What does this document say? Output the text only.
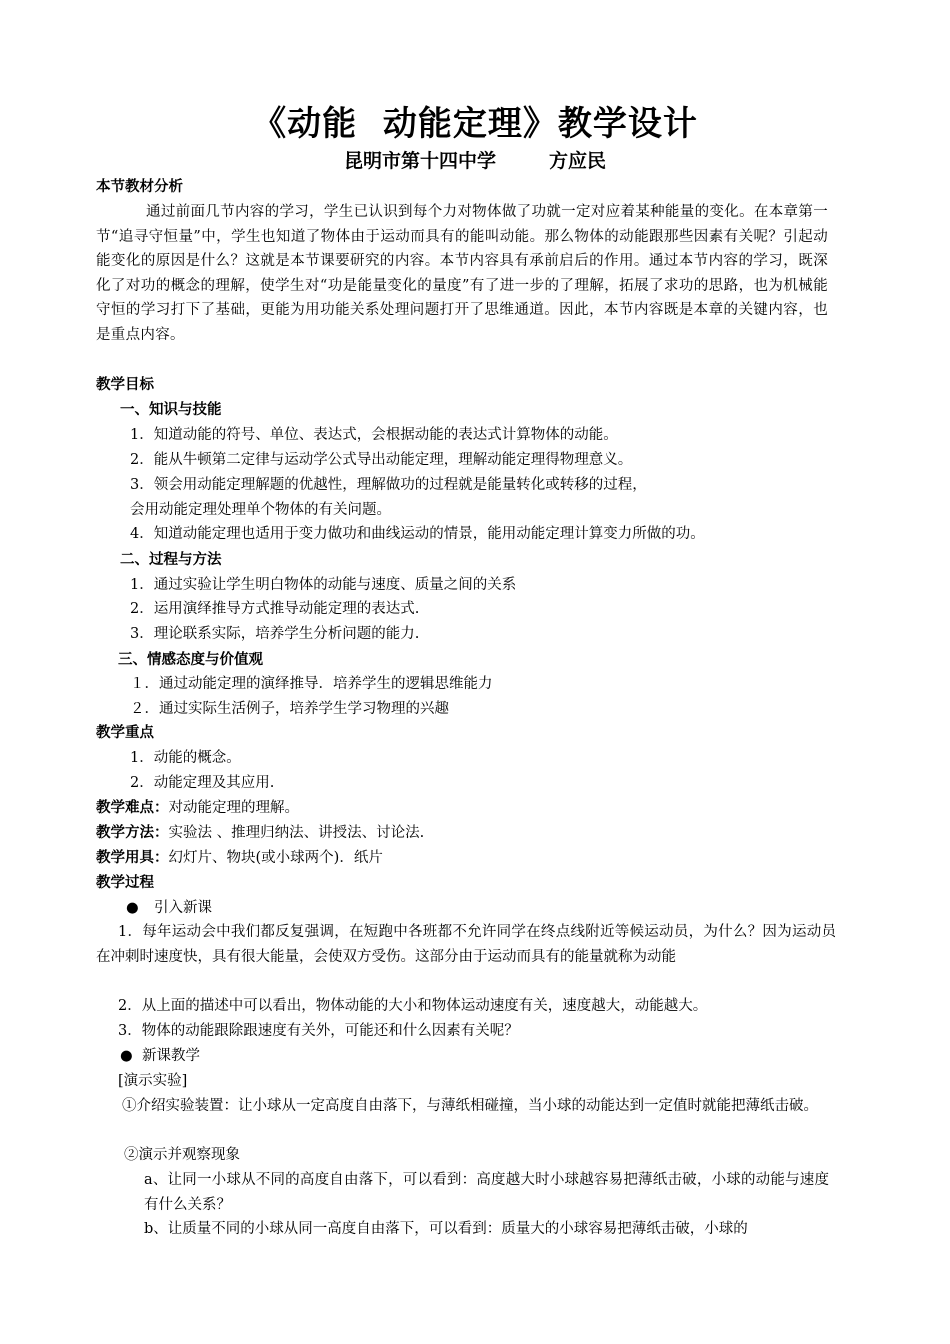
《动能  动能定理》教学设计
昆明市第十四中学        方应民
本节教材分析
通过前面几节内容的学习，学生已认识到每个力对物体做了功就一定对应着某种能量的变化。在本章第一节“追寻守恒量”中，学生也知道了物体由于运动而具有的能叫动能。那么物体的动能跟那些因素有关呢？引起动能变化的原因是什么？这就是本节课要研究的内容。本节内容具有承前启后的作用。通过本节内容的学习，既深化了对功的概念的理解，使学生对“功是能量变化的量度”有了进一步的了理解，拓展了求功的思路，也为机械能守恒的学习打下了基础，更能为用功能关系处理问题打开了思维通道。因此，本节内容既是本章的关键内容，也是重点内容。
教学目标
一、知识与技能
1．知道动能的符号、单位、表达式，会根据动能的表达式计算物体的动能。
2．能从牛顿第二定律与运动学公式导出动能定理，理解动能定理得物理意义。
3．领会用动能定理解题的优越性，理解做功的过程就是能量转化或转移的过程，
会用动能定理处理单个物体的有关问题。
4．知道动能定理也适用于变力做功和曲线运动的情景，能用动能定理计算变力所做的功。
二、过程与方法
1．通过实验让学生明白物体的动能与速度、质量之间的关系
2．运用演绎推导方式推导动能定理的表达式.
3．理论联系实际，培养学生分析问题的能力.
三、情感态度与价值观
１．通过动能定理的演绎推导．培养学生的逻辑思维能力
２．通过实际生活例子，培养学生学习物理的兴趣
教学重点
1．动能的概念。
2．动能定理及其应用.
教学难点：对动能定理的理解。
教学方法：实验法 、推理归纳法、讲授法、讨论法.
教学用具：幻灯片、物块(或小球两个)．纸片
教学过程
● 引入新课
1．每年运动会中我们都反复强调，在短跑中各班都不允许同学在终点线附近等候运动员，为什么？因为运动员在冲刺时速度快，具有很大能量，会使双方受伤。这部分由于运动而具有的能量就称为动能
2．从上面的描述中可以看出，物体动能的大小和物体运动速度有关，速度越大，动能越大。
3．物体的动能跟除跟速度有关外，可能还和什么因素有关呢？
● 新课教学
[演示实验]
①介绍实验装置：让小球从一定高度自由落下，与薄纸相碰撞，当小球的动能达到一定值时就能把薄纸击破。
②演示并观察现象
a、让同一小球从不同的高度自由落下，可以看到：高度越大时小球越容易把薄纸击破，小球的动能与速度有什么关系？
b、让质量不同的小球从同一高度自由落下，可以看到：质量大的小球容易把薄纸击破，小球的
